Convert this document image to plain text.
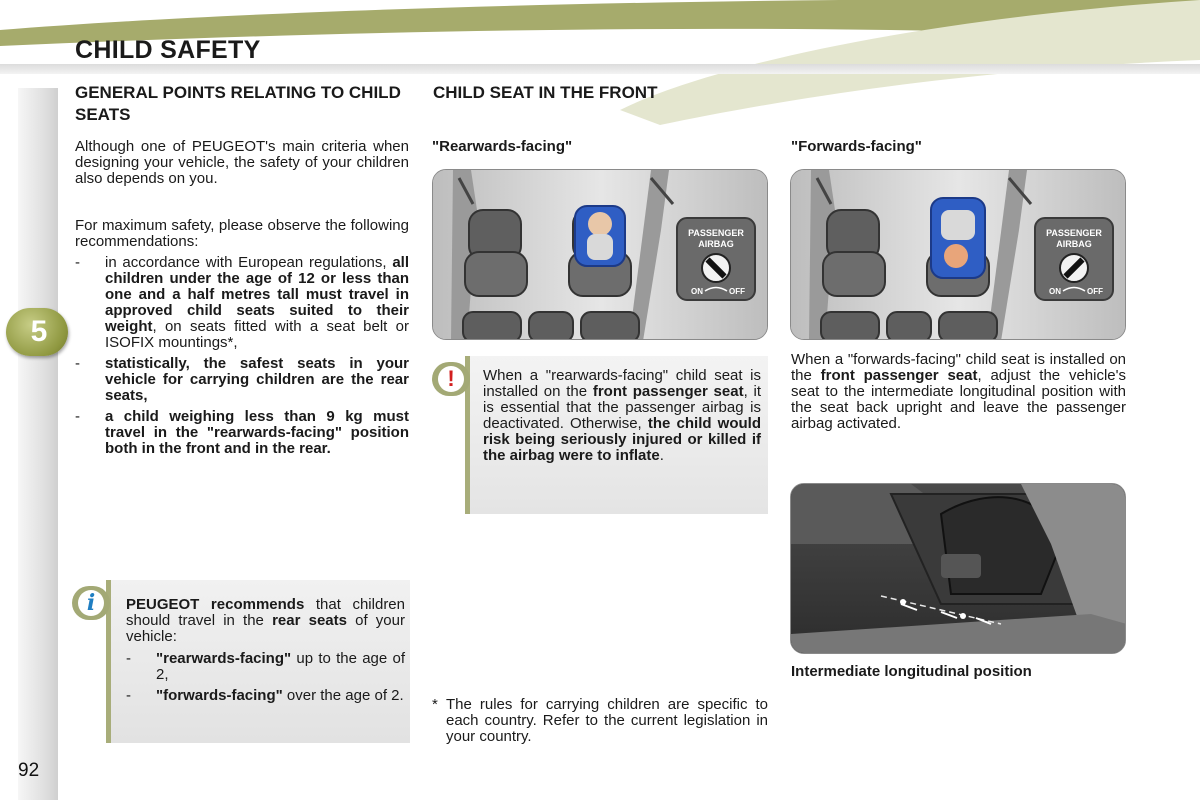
CHILD SAFETY
5
92
GENERAL POINTS RELATING TO CHILD SEATS

Although one of PEUGEOT's main criteria when designing your vehicle, the safety of your children also depends on you.

For maximum safety, please observe the following recommendations:

- in accordance with European regulations, all children under the age of 12 or less than one and a half metres tall must travel in approved child seats suited to their weight, on seats fitted with a seat belt or ISOFIX mountings*,
- statistically, the safest seats in your vehicle for carrying children are the rear seats,
- a child weighing less than 9 kg must travel in the "rearwards-facing" position both in the front and in the rear.
PEUGEOT recommends that children should travel in the rear seats of your vehicle:
- "rearwards-facing" up to the age of 2,
- "forwards-facing" over the age of 2.
i
CHILD SEAT IN THE FRONT
"Rearwards-facing"
PASSENGER
AIRBAG
ON	OFF
When a "rearwards-facing" child seat is installed on the front passenger seat, it is essential that the passenger airbag is deactivated. Otherwise, the child would risk being seriously injured or killed if the airbag were to inflate.
!
* The rules for carrying children are specific to each country. Refer to the current legislation in your country.
"Forwards-facing"
PASSENGER
AIRBAG
ON	OFF

When a "forwards-facing" child seat is installed on the front passenger seat, adjust the vehicle's seat to the intermediate longitudinal position with the seat back upright and leave the passenger airbag activated.

Intermediate longitudinal position
